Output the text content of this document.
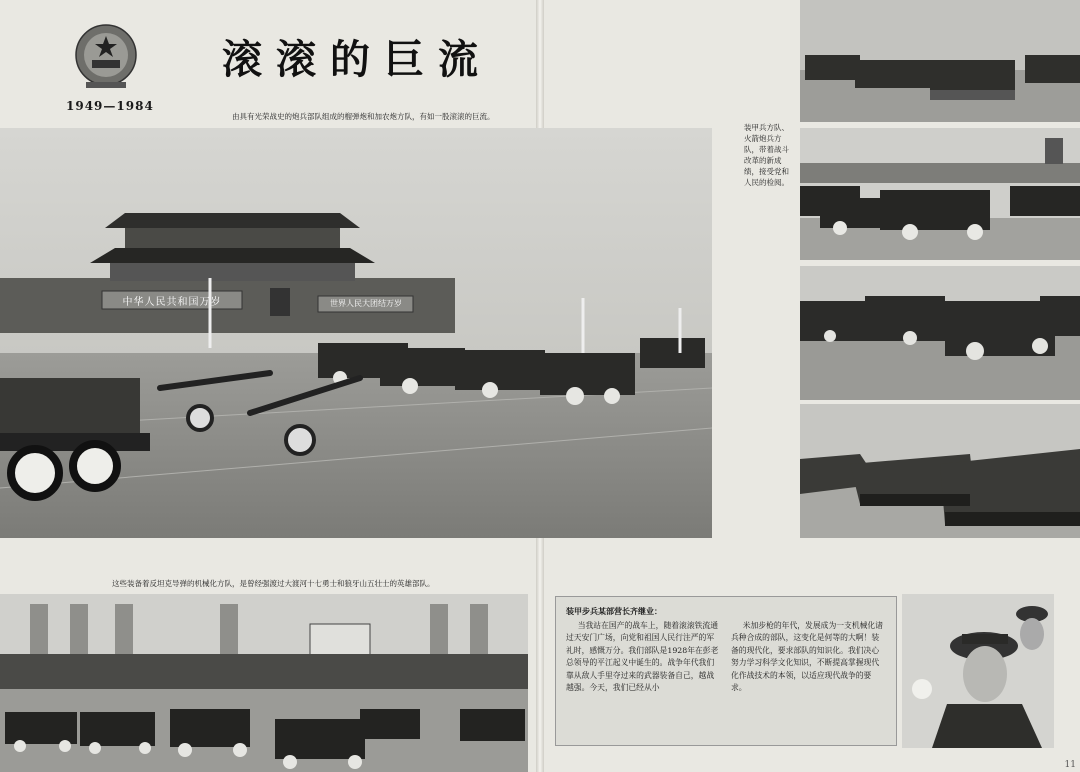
滚滚的巨流
1949—1984
由具有光荣战史的炮兵部队组成的榴弹炮和加农炮方队，有如一股滚滚的巨流。
中华人民共和国万岁	世界人民大团结万岁
装甲兵方队、火箭炮兵方队，带着战斗改革的新成绩，接受党和人民的检阅。
这些装备着反坦克导弹的机械化方队，是曾经强渡过大渡河十七勇士和狼牙山五壮士的英雄部队。
装甲步兵某部营长齐继业：

当我站在国产的战车上，随着滚滚铁流通过天安门广场，向党和祖国人民行注严的军礼时，感慨万分。我们部队是1928年在彭老总领导的平江起义中诞生的。战争年代我们靠从敌人手里夺过来的武器装备自己，越战越强。今天，我们已经从小

米加步枪的年代，发展成为一支机械化诸兵种合成的部队，这变化是何等的大啊！装备的现代化，要求部队的知识化。我们决心努力学习科学文化知识，不断提高掌握现代化作战技术的本领，以适应现代战争的要求。

11
